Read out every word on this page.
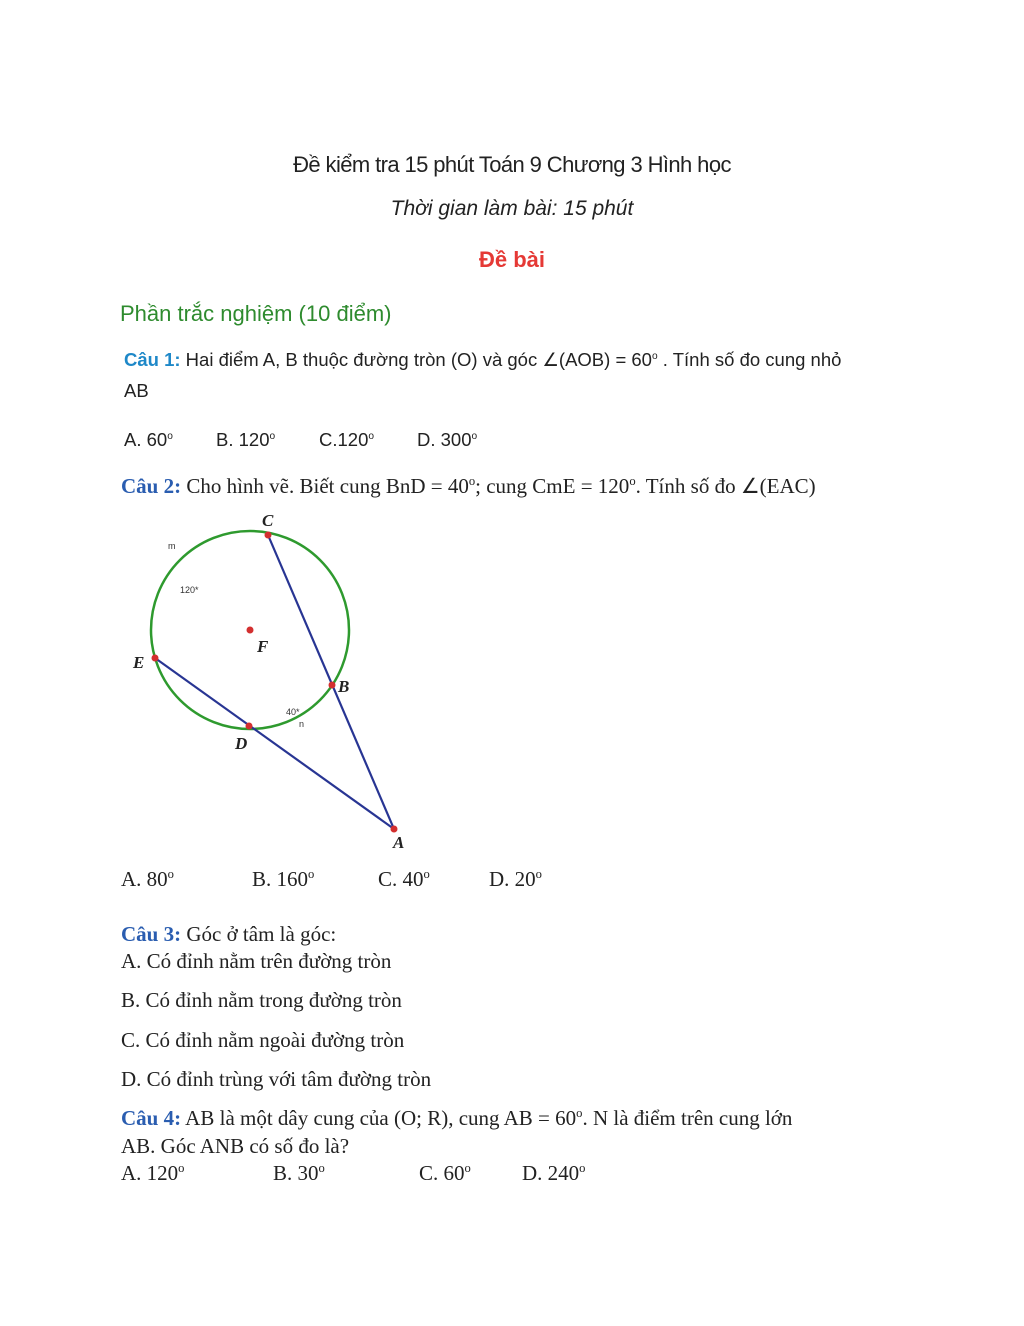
Đề kiểm tra 15 phút Toán 9 Chương 3 Hình học
Thời gian làm bài: 15 phút
Đề bài
Phần trắc nghiệm (10 điểm)
Câu 1: Hai điểm A, B thuộc đường tròn (O) và góc ∠(AOB) = $60^o$ . Tính số đo cung nhỏ
AB
A. 60$^o$ B. 120$^o$ C.120$^o$ D. 300$^o$
Câu 2: Cho hình vẽ. Biết cung BnD = $40^o$; cung CmE = $120^o$. Tính số đo ∠(EAC)
C
E
F
B
D
A
m
120*
40*
n
A. 80$^o$	B. 160$^o$	C. 40$^o$	D. 20$^o$
Câu 3: Góc ở tâm là góc:
A. Có đỉnh nằm trên đường tròn
B. Có đỉnh nằm trong đường tròn
C. Có đỉnh nằm ngoài đường tròn
D. Có đỉnh trùng với tâm đường tròn
Câu 4: AB là một dây cung của (O; R), cung AB = $60^o$. N là điểm trên cung lớn
AB. Góc ANB có số đo là?
A. 120$^o$	B. 30$^o$	C. 60$^o$ D. 240$^o$
